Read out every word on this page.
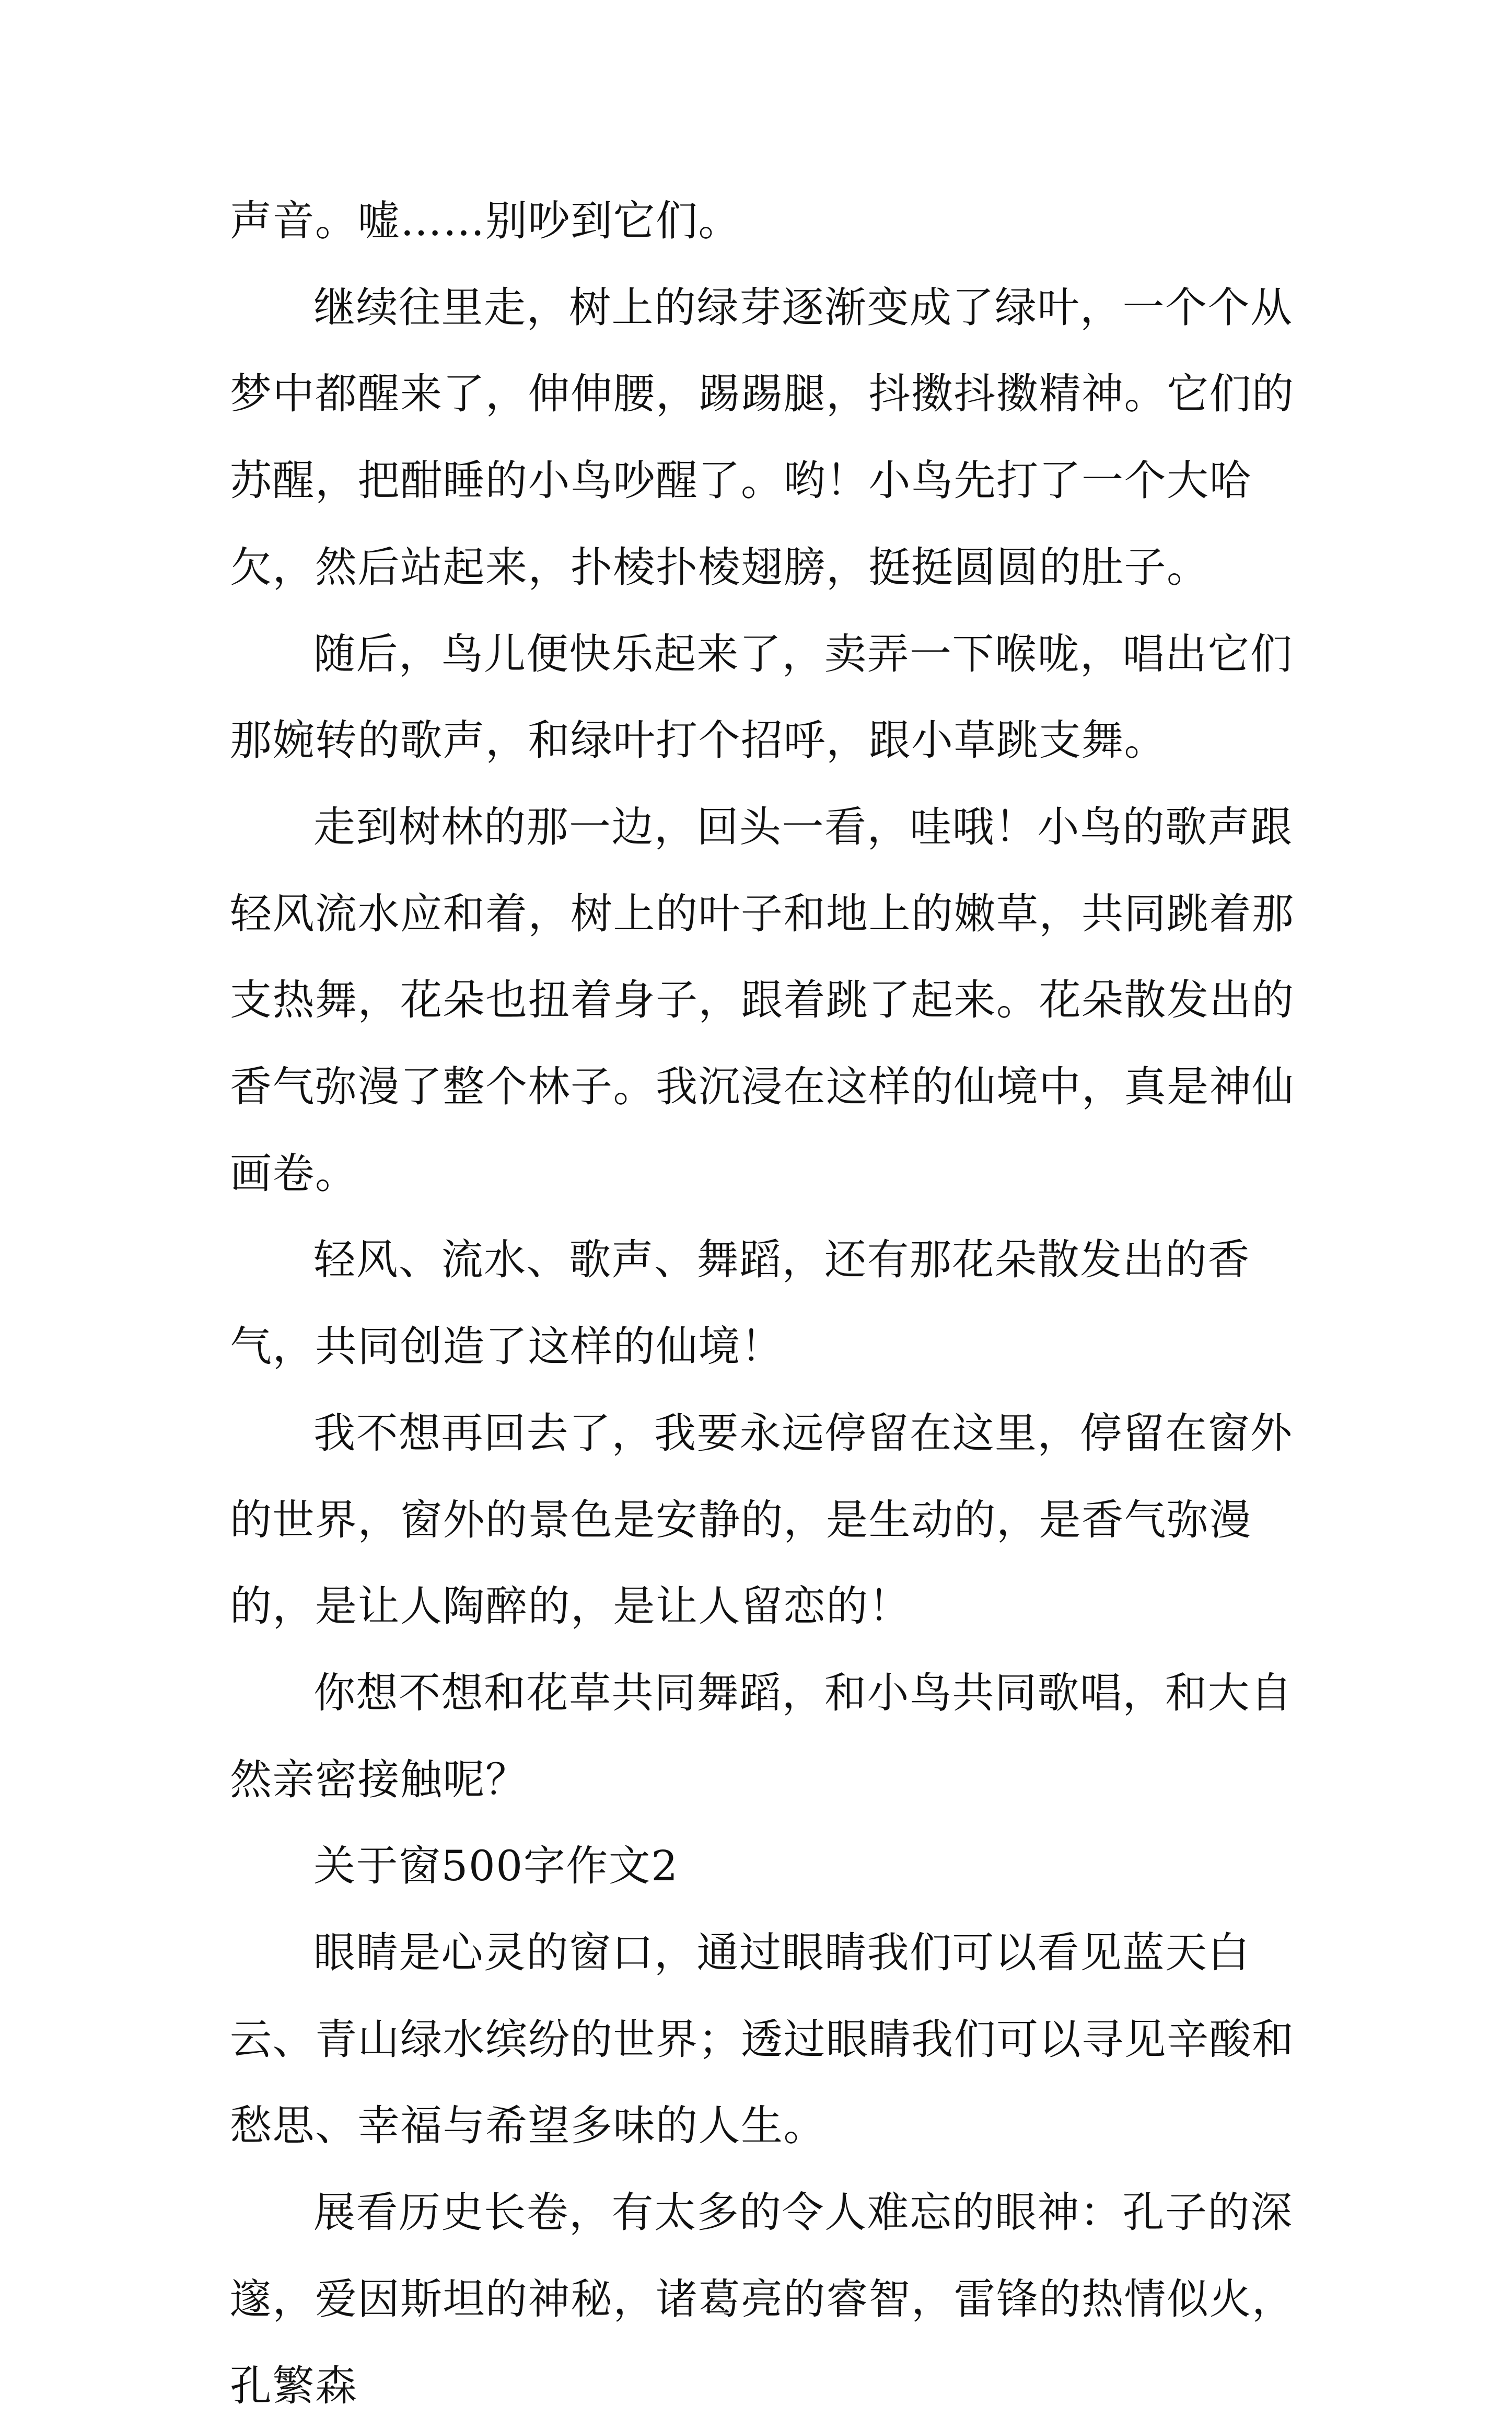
声音。嘘……别吵到它们。

继续往里走，树上的绿芽逐渐变成了绿叶，一个个从梦中都醒来了，伸伸腰，踢踢腿，抖擞抖擞精神。它们的苏醒，把酣睡的小鸟吵醒了。哟！小鸟先打了一个大哈欠，然后站起来，扑棱扑棱翅膀，挺挺圆圆的肚子。

随后，鸟儿便快乐起来了，卖弄一下喉咙，唱出它们那婉转的歌声，和绿叶打个招呼，跟小草跳支舞。

走到树林的那一边，回头一看，哇哦！小鸟的歌声跟轻风流水应和着，树上的叶子和地上的嫩草，共同跳着那支热舞，花朵也扭着身子，跟着跳了起来。花朵散发出的香气弥漫了整个林子。我沉浸在这样的仙境中，真是神仙画卷。

轻风、流水、歌声、舞蹈，还有那花朵散发出的香气，共同创造了这样的仙境！

我不想再回去了，我要永远停留在这里，停留在窗外的世界，窗外的景色是安静的，是生动的，是香气弥漫的，是让人陶醉的，是让人留恋的！

你想不想和花草共同舞蹈，和小鸟共同歌唱，和大自然亲密接触呢？

关于窗500字作文2

眼睛是心灵的窗口，通过眼睛我们可以看见蓝天白云、青山绿水缤纷的世界；透过眼睛我们可以寻见辛酸和愁思、幸福与希望多味的人生。

展看历史长卷，有太多的令人难忘的眼神：孔子的深邃，爱因斯坦的神秘，诸葛亮的睿智，雷锋的热情似火，孔繁森
